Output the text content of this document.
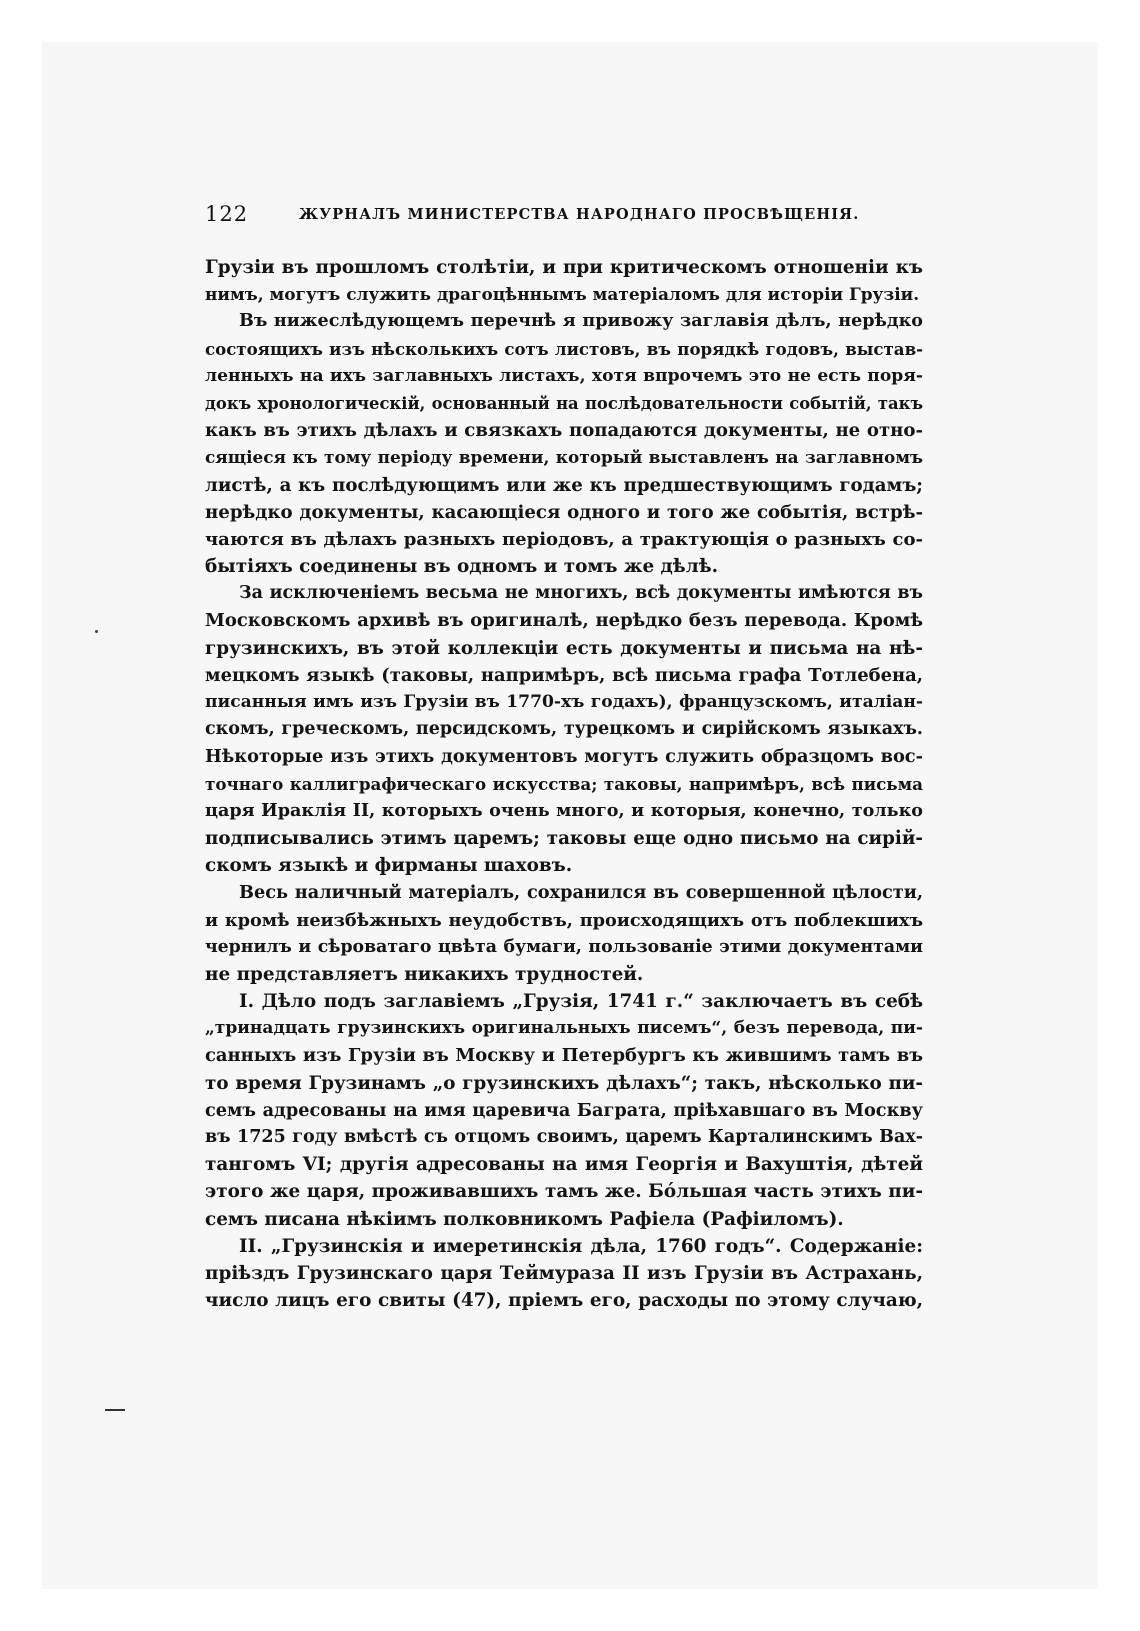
122	ЖУРНАЛЪ МИНИСТЕРСТВА НАРОДНАГО ПРОСВѢЩЕНІЯ.
Грузіи въ прошломъ столѣтіи, и при критическомъ отношеніи къ
нимъ, могутъ служить драгоцѣннымъ матеріаломъ для исторіи Грузіи.
Въ нижеслѣдующемъ перечнѣ я привожу заглавія дѣлъ, нерѣдко
состоящихъ изъ нѣсколькихъ сотъ листовъ, въ порядкѣ годовъ, выстав-
ленныхъ на ихъ заглавныхъ листахъ, хотя впрочемъ это не есть поря-
докъ хронологическій, основанный на послѣдовательности событій, такъ
какъ въ этихъ дѣлахъ и связкахъ попадаются документы, не отно-
сящіеся къ тому періоду времени, который выставленъ на заглавномъ
листѣ, а къ послѣдующимъ или же къ предшествующимъ годамъ;
нерѣдко документы, касающіеся одного и того же событія, встрѣ-
чаются въ дѣлахъ разныхъ періодовъ, а трактующія о разныхъ со-
бытіяхъ соединены въ одномъ и томъ же дѣлѣ.
За исключеніемъ весьма не многихъ, всѣ документы имѣются въ
Московскомъ архивѣ въ оригиналѣ, нерѣдко безъ перевода. Кромѣ
грузинскихъ, въ этой коллекціи есть документы и письма на нѣ-
мецкомъ языкѣ (таковы, напримѣръ, всѣ письма графа Тотлебена,
писанныя имъ изъ Грузіи въ 1770-хъ годахъ), французскомъ, италіан-
скомъ, греческомъ, персидскомъ, турецкомъ и сирійскомъ языкахъ.
Нѣкоторые изъ этихъ документовъ могутъ служить образцомъ вос-
точнаго каллиграфическаго искусства; таковы, напримѣръ, всѣ письма
царя Ираклія II, которыхъ очень много, и которыя, конечно, только
подписывались этимъ царемъ; таковы еще одно письмо на сирій-
скомъ языкѣ и фирманы шаховъ.
Весь наличный матеріалъ, сохранился въ совершенной цѣлости,
и кромѣ неизбѣжныхъ неудобствъ, происходящихъ отъ поблекшихъ
чернилъ и сѣроватаго цвѣта бумаги, пользованіе этими документами
не представляетъ никакихъ трудностей.
I. Дѣло подъ заглавіемъ „Грузія, 1741 г.“ заключаетъ въ себѣ
„тринадцать грузинскихъ оригинальныхъ писемъ“, безъ перевода, пи-
санныхъ изъ Грузіи въ Москву и Петербургъ къ жившимъ тамъ въ
то время Грузинамъ „о грузинскихъ дѣлахъ“; такъ, нѣсколько пи-
семъ адресованы на имя царевича Баграта, пріѣхавшаго въ Москву
въ 1725 году вмѣстѣ съ отцомъ своимъ, царемъ Карталинскимъ Вах-
тангомъ VI; другія адресованы на имя Георгія и Вахуштія, дѣтей
этого же царя, проживавшихъ тамъ же. Бо́льшая часть этихъ пи-
семъ писана нѣкіимъ полковникомъ Рафіела (Рафіиломъ).
II. „Грузинскія и имеретинскія дѣла, 1760 годъ“. Содержаніе:
пріѣздъ Грузинскаго царя Теймураза II изъ Грузіи въ Астрахань,
число лицъ его свиты (47), пріемъ его, расходы по этому случаю,
